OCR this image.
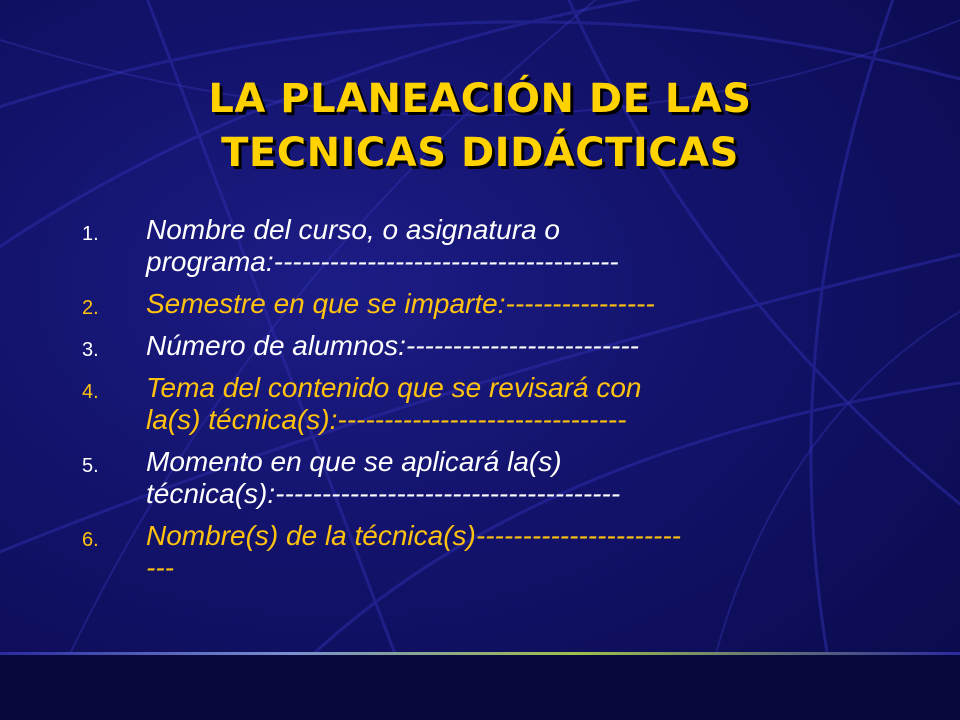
LA PLANEACIÓN DE LAS
TECNICAS DIDÁCTICAS
1. Nombre del curso, o asignatura o
programa:-------------------------------------
2. Semestre en que se imparte:----------------
3. Número de alumnos:-------------------------
4. Tema del contenido que se revisará con
la(s) técnica(s):-------------------------------
5. Momento en que se aplicará la(s)
técnica(s):-------------------------------------
6. Nombre(s) de la técnica(s)----------------------
---
